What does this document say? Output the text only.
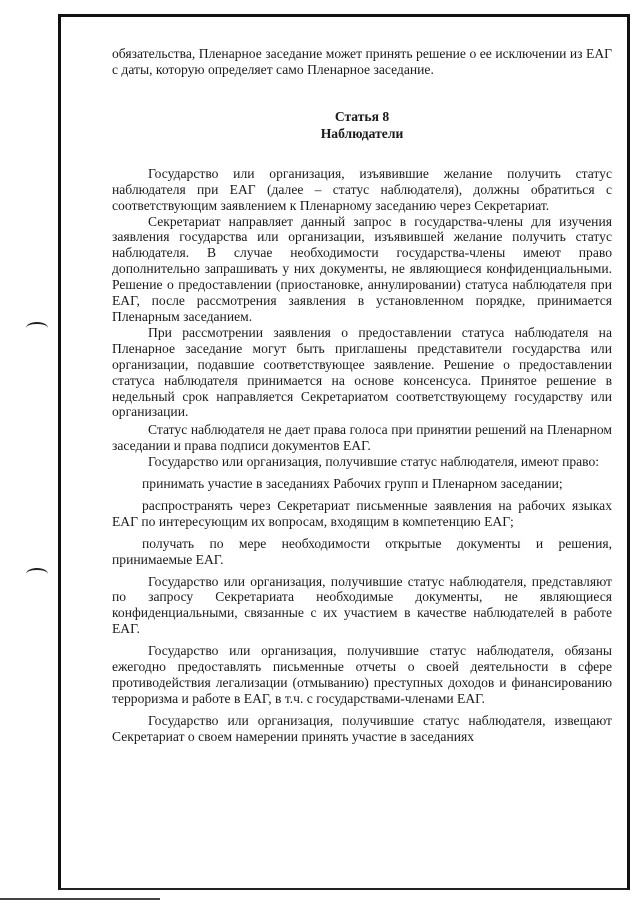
обязательства, Пленарное заседание может принять решение о ее исключении из ЕАГ с даты, которую определяет само Пленарное заседание.

Статья 8
Наблюдатели

Государство или организация, изъявившие желание получить статус наблюдателя при ЕАГ (далее – статус наблюдателя), должны обратиться с соответствующим заявлением к Пленарному заседанию через Секретариат.

Секретариат направляет данный запрос в государства-члены для изучения заявления государства или организации, изъявившей желание получить статус наблюдателя. В случае необходимости государства-члены имеют право дополнительно запрашивать у них документы, не являющиеся конфиденциальными. Решение о предоставлении (приостановке, аннулировании) статуса наблюдателя при ЕАГ, после рассмотрения заявления в установленном порядке, принимается Пленарным заседанием.

При рассмотрении заявления о предоставлении статуса наблюдателя на Пленарное заседание могут быть приглашены представители государства или организации, подавшие соответствующее заявление. Решение о предоставлении статуса наблюдателя принимается на основе консенсуса. Принятое решение в недельный срок направляется Секретариатом соответствующему государству или организации.

Статус наблюдателя не дает права голоса при принятии решений на Пленарном заседании и права подписи документов ЕАГ.

Государство или организация, получившие статус наблюдателя, имеют право:

принимать участие в заседаниях Рабочих групп и Пленарном заседании;

распространять через Секретариат письменные заявления на рабочих языках ЕАГ по интересующим их вопросам, входящим в компетенцию ЕАГ;

получать по мере необходимости открытые документы и решения, принимаемые ЕАГ.

Государство или организация, получившие статус наблюдателя, представляют по запросу Секретариата необходимые документы, не являющиеся конфиденциальными, связанные с их участием в качестве наблюдателей в работе ЕАГ.

Государство или организация, получившие статус наблюдателя, обязаны ежегодно предоставлять письменные отчеты о своей деятельности в сфере противодействия легализации (отмыванию) преступных доходов и финансированию терроризма и работе в ЕАГ, в т.ч. с государствами-членами ЕАГ.

Государство или организация, получившие статус наблюдателя, извещают Секретариат о своем намерении принять участие в заседаниях
